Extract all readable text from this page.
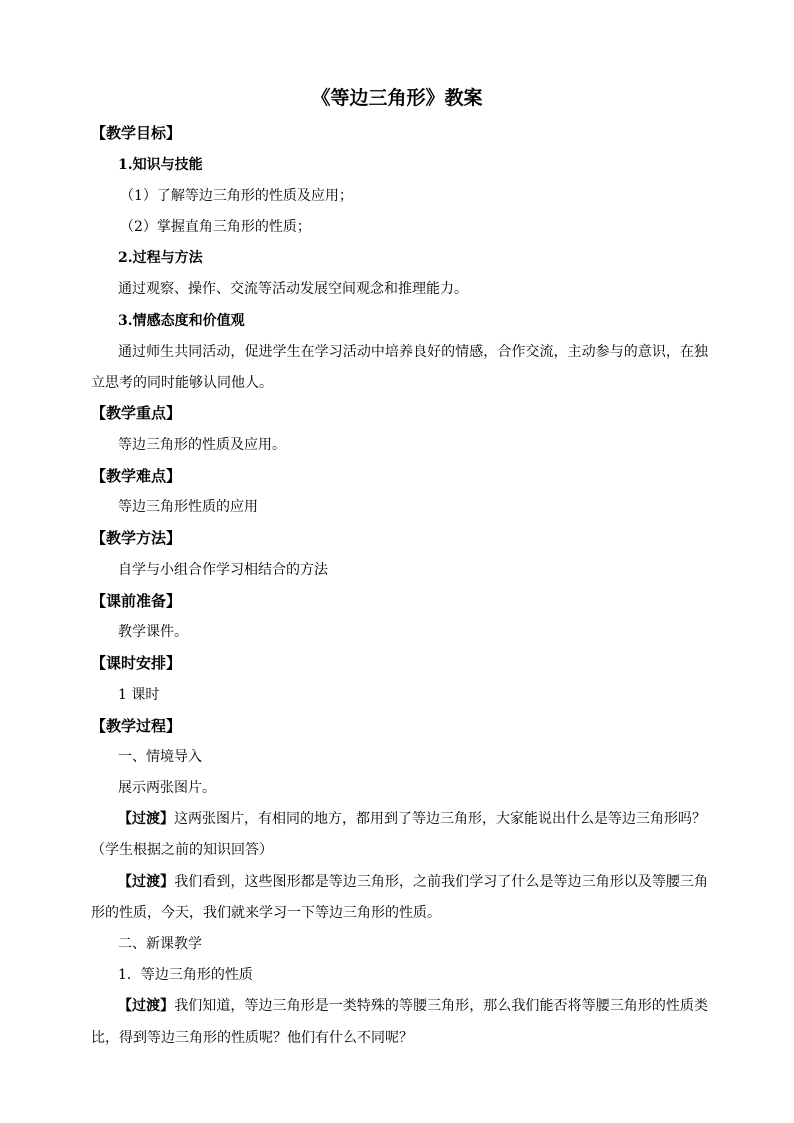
《等边三角形》教案
【教学目标】
1.知识与技能
（1）了解等边三角形的性质及应用；
（2）掌握直角三角形的性质；
2.过程与方法
通过观察、操作、交流等活动发展空间观念和推理能力。
3.情感态度和价值观
通过师生共同活动，促进学生在学习活动中培养良好的情感，合作交流，主动参与的意识，在独
立思考的同时能够认同他人。
【教学重点】
等边三角形的性质及应用。
【教学难点】
等边三角形性质的应用
【教学方法】
自学与小组合作学习相结合的方法
【课前准备】
教学课件。
【课时安排】
1 课时
【教学过程】
一、情境导入
展示两张图片。
【过渡】这两张图片，有相同的地方，都用到了等边三角形，大家能说出什么是等边三角形吗？
（学生根据之前的知识回答）
【过渡】我们看到，这些图形都是等边三角形，之前我们学习了什么是等边三角形以及等腰三角
形的性质，今天，我们就来学习一下等边三角形的性质。
二、新课教学
1．等边三角形的性质
【过渡】我们知道，等边三角形是一类特殊的等腰三角形，那么我们能否将等腰三角形的性质类
比，得到等边三角形的性质呢？他们有什么不同呢？
